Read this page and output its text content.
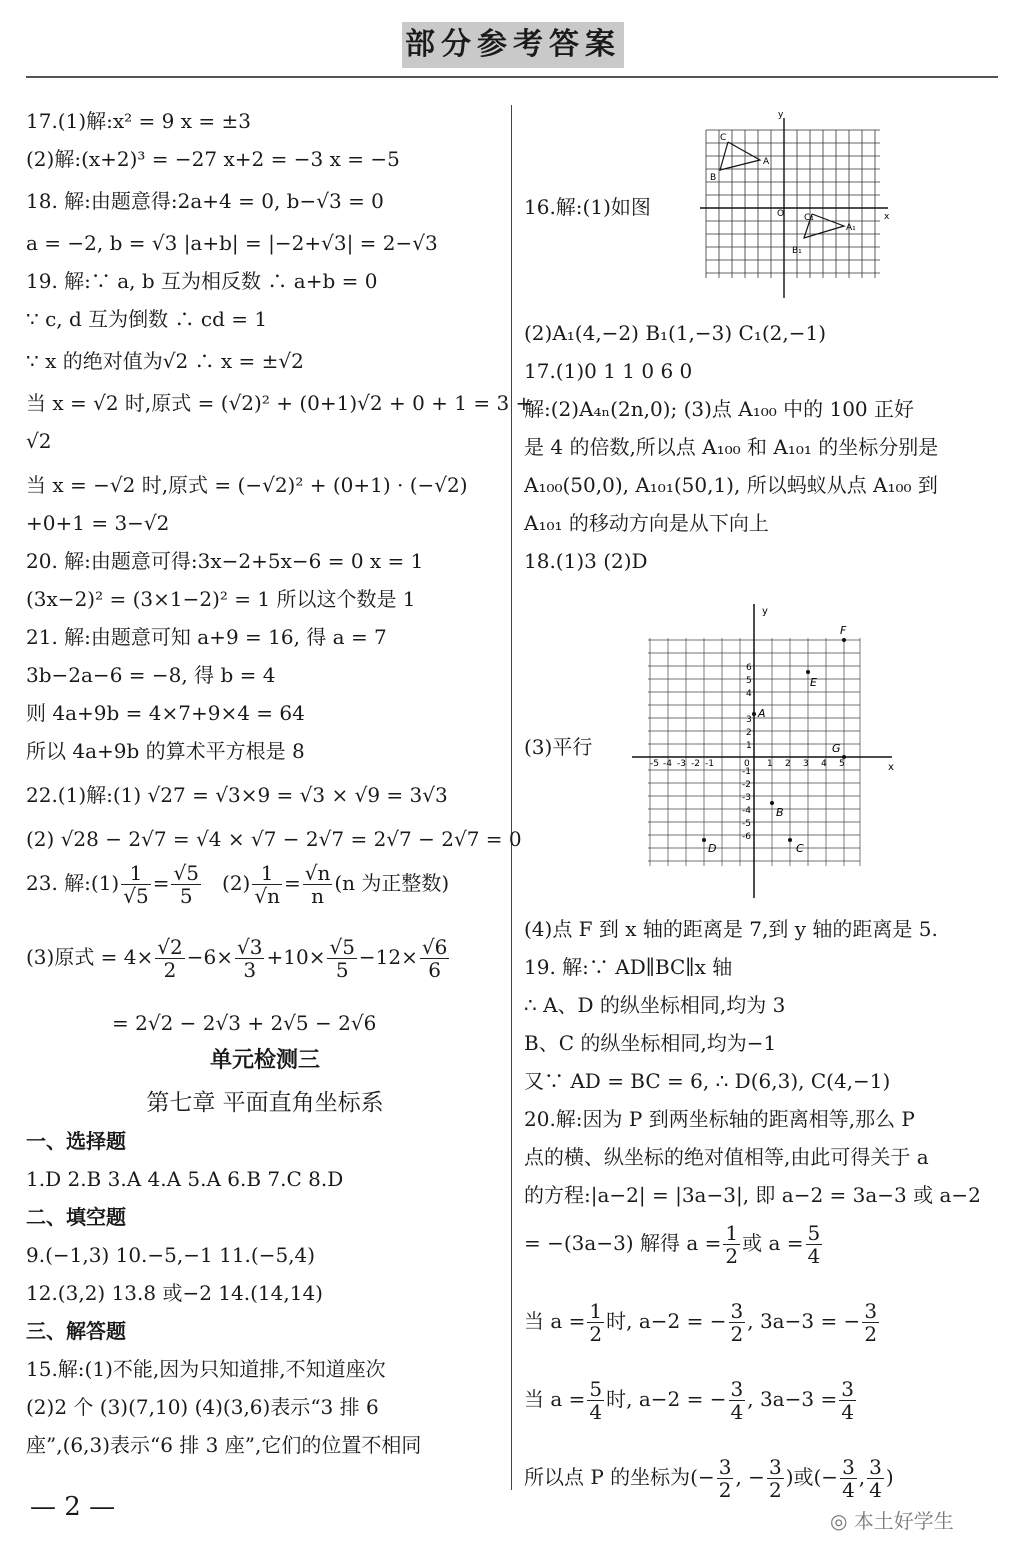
部分参考答案
17.(1)解:x² = 9 x = ±3
(2)解:(x+2)³ = −27 x+2 = −3 x = −5
18. 解:由题意得:2a+4 = 0, b−√3 = 0
a = −2, b = √3 |a+b| = |−2+√3| = 2−√3
19. 解:∵ a, b 互为相反数 ∴ a+b = 0
∵ c, d 互为倒数 ∴ cd = 1
∵ x 的绝对值为√2 ∴ x = ±√2
当 x = √2 时,原式 = (√2)² + (0+1)√2 + 0 + 1 = 3 +
√2
当 x = −√2 时,原式 = (−√2)² + (0+1) · (−√2)
+0+1 = 3−√2
20. 解:由题意可得:3x−2+5x−6 = 0 x = 1
(3x−2)² = (3×1−2)² = 1 所以这个数是 1
21. 解:由题意可知 a+9 = 16, 得 a = 7
3b−2a−6 = −8, 得 b = 4
则 4a+9b = 4×7+9×4 = 64
所以 4a+9b 的算术平方根是 8
22.(1)解:(1) √27 = √3×9 = √3 × √9 = 3√3
(2) √28 − 2√7 = √4 × √7 − 2√7 = 2√7 − 2√7 = 0
23. 解:(1) $\frac{1}{√5} = \frac{√5}{5} (2) \frac{1}{√n} = \frac{√n}{n} (n$ 为正整数)
(3)原式 = $4\times \frac{√2}{2} -6\times \frac{√3}{3} +10\times \frac{√5}{5} -12\times \frac{√6}{6}$
= 2√2 − 2√3 + 2√5 − 2√6
单元检测三
第七章 平面直角坐标系
一、选择题
1.D 2.B 3.A 4.A 5.A 6.B 7.C 8.D
二、填空题
9.(−1,3) 10.−5,−1 11.(−5,4)
12.(3,2) 13.8 或−2 14.(14,14)
三、解答题
15.解:(1)不能,因为只知道排,不知道座次
(2)2 个 (3)(7,10) (4)(3,6)表示“3 排 6
座”,(6,3)表示“6 排 3 座”,它们的位置不相同
16.解:(1)如图
y
x
O
C
A
B
C₁
A₁
B₁
(2)A₁(4,−2) B₁(1,−3) C₁(2,−1)
17.(1)0 1 1 0 6 0
解:(2)A₄ₙ(2n,0); (3)点 A₁₀₀ 中的 100 正好
是 4 的倍数,所以点 A₁₀₀ 和 A₁₀₁ 的坐标分别是
A₁₀₀(50,0), A₁₀₁(50,1), 所以蚂蚁从点 A₁₀₀ 到
A₁₀₁ 的移动方向是从下向上
18.(1)3 (2)D
(3)平行
y
x
F
E
A
G
B
C
D
-5 -4 -3 -2 -1	0 1 2 3 4 5
6
5
4
3
2
1
-1
-2
-3
-4
-5
-6
(4)点 F 到 x 轴的距离是 7,到 y 轴的距离是 5.
19. 解:∵ AD∥BC∥x 轴
∴ A、D 的纵坐标相同,均为 3
B、C 的纵坐标相同,均为−1
又∵ AD = BC = 6, ∴ D(6,3), C(4,−1)
20.解:因为 P 到两坐标轴的距离相等,那么 P
点的横、纵坐标的绝对值相等,由此可得关于 a
的方程:|a−2| = |3a−3|, 即 a−2 = 3a−3 或 a−2
= −(3a−3) 解得 $a = \frac{1}{2}$ 或 $a = \frac{5}{4}$
当 $a = \frac{1}{2}$ 时, a−2 = − $\frac{3}{2}$ , 3a−3 = − $\frac{3}{2}$
当 $a = \frac{5}{4}$ 时, a−2 = − $\frac{3}{4}$ , $3a-3 = \frac{3}{4}$
所以点 P 的坐标为(− $\frac{3}{2}$ , − $\frac{3}{2}$ )或(− $\frac{3}{4}$ , $\frac{3}{4}$ )
— 2 —	◎ 本土好学生
